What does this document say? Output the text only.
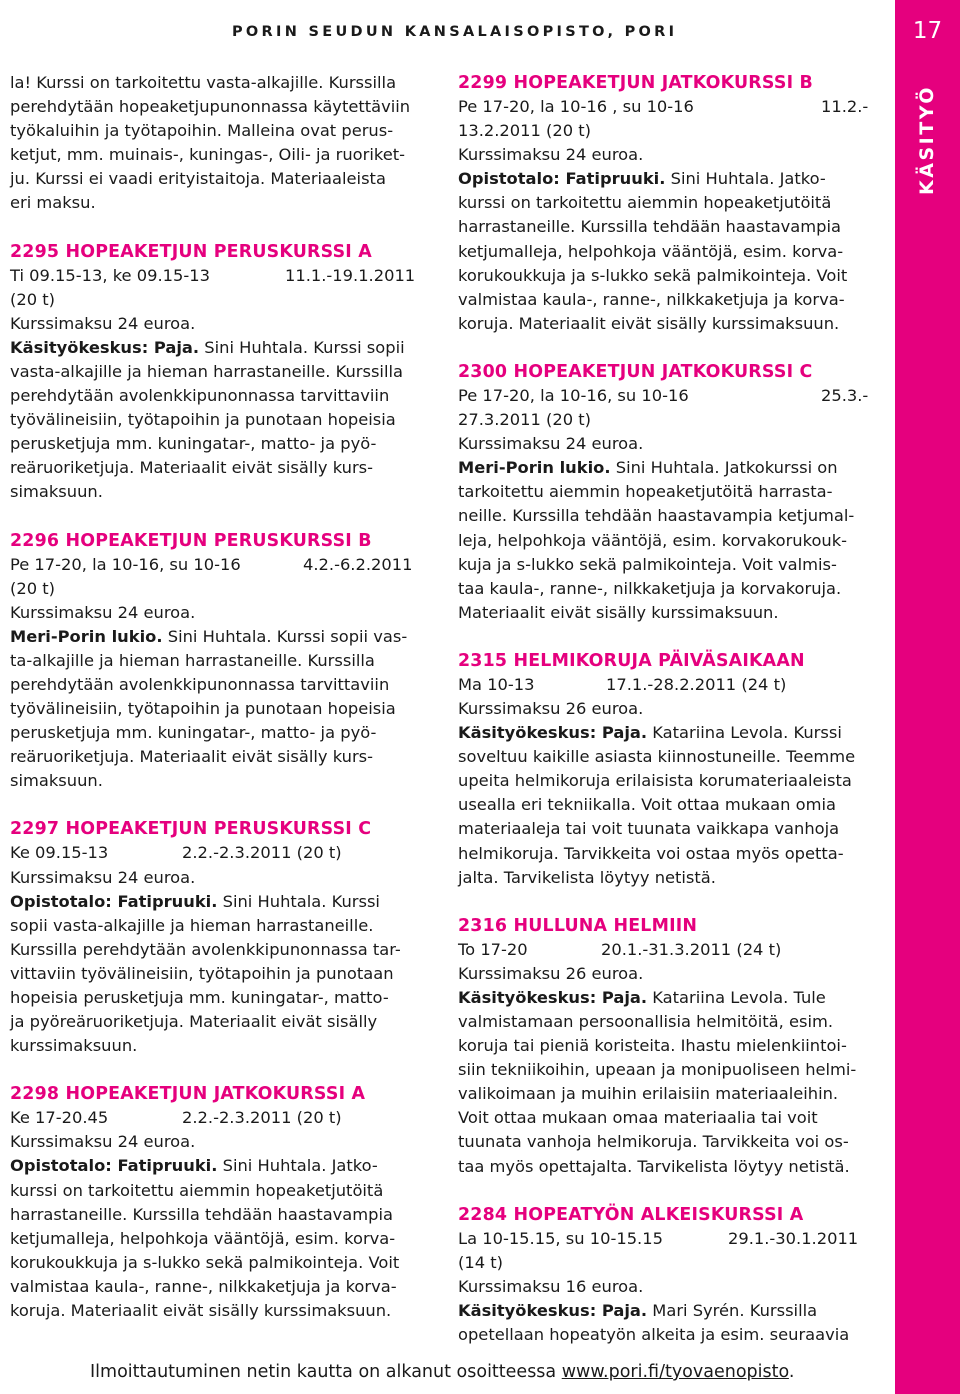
PORIN SEUDUN KANSALAISOPISTO, PORI	17
KÄSITYÖ

la! Kurssi on tarkoitettu vasta-alkajille. Kurssilla

perehdytään hopeaketjupunonnassa käytettäviin

työkaluihin ja työtapoihin. Malleina ovat perus-

ketjut, mm. muinais-, kuningas-, Oili- ja ruoriket-

ju. Kurssi ei vaadi erityistaitoja. Materiaaleista

eri maksu.

2295 HOPEAKETJUN PERUSKURSSI A

Ti 09.15-13, ke 09.15-13	11.1.-19.1.2011

(20 t)

Kurssimaksu 24 euroa.

Käsityökeskus: Paja. Sini Huhtala. Kurssi sopii

vasta-alkajille ja hieman harrastaneille. Kurssilla

perehdytään avolenkkipunonnassa tarvittaviin

työvälineisiin, työtapoihin ja punotaan hopeisia

perusketjuja mm. kuningatar-, matto- ja pyö-

reäruoriketjuja. Materiaalit eivät sisälly kurs-

simaksuun.

2296 HOPEAKETJUN PERUSKURSSI B

Pe 17-20, la 10-16, su 10-16	4.2.-6.2.2011

(20 t)

Kurssimaksu 24 euroa.

Meri-Porin lukio. Sini Huhtala. Kurssi sopii vas-

ta-alkajille ja hieman harrastaneille. Kurssilla

perehdytään avolenkkipunonnassa tarvittaviin

työvälineisiin, työtapoihin ja punotaan hopeisia

perusketjuja mm. kuningatar-, matto- ja pyö-

reäruoriketjuja. Materiaalit eivät sisälly kurs-

simaksuun.

2297 HOPEAKETJUN PERUSKURSSI C

Ke 09.15-13	2.2.-2.3.2011 (20 t)

Kurssimaksu 24 euroa.

Opistotalo: Fatipruuki. Sini Huhtala. Kurssi

sopii vasta-alkajille ja hieman harrastaneille.

Kurssilla perehdytään avolenkkipunonnassa tar-

vittaviin työvälineisiin, työtapoihin ja punotaan

hopeisia perusketjuja mm. kuningatar-, matto-

ja pyöreäruoriketjuja. Materiaalit eivät sisälly

kurssimaksuun.

2298 HOPEAKETJUN JATKOKURSSI A

Ke 17-20.45	2.2.-2.3.2011 (20 t)

Kurssimaksu 24 euroa.

Opistotalo: Fatipruuki. Sini Huhtala. Jatko-

kurssi on tarkoitettu aiemmin hopeaketjutöitä

harrastaneille. Kurssilla tehdään haastavampia

ketjumalleja, helpohkoja vääntöjä, esim. korva-

korukoukkuja ja s-lukko sekä palmikointeja. Voit

valmistaa kaula-, ranne-, nilkkaketjuja ja korva-

koruja. Materiaalit eivät sisälly kurssimaksuun.

2299 HOPEAKETJUN JATKOKURSSI B

Pe 17-20, la 10-16 , su 10-16	11.2.-

13.2.2011 (20 t)

Kurssimaksu 24 euroa.

Opistotalo: Fatipruuki. Sini Huhtala. Jatko-

kurssi on tarkoitettu aiemmin hopeaketjutöitä

harrastaneille. Kurssilla tehdään haastavampia

ketjumalleja, helpohkoja vääntöjä, esim. korva-

korukoukkuja ja s-lukko sekä palmikointeja. Voit

valmistaa kaula-, ranne-, nilkkaketjuja ja korva-

koruja. Materiaalit eivät sisälly kurssimaksuun.

2300 HOPEAKETJUN JATKOKURSSI C

Pe 17-20, la 10-16, su 10-16	25.3.-

27.3.2011 (20 t)

Kurssimaksu 24 euroa.

Meri-Porin lukio. Sini Huhtala. Jatkokurssi on

tarkoitettu aiemmin hopeaketjutöitä harrasta-

neille. Kurssilla tehdään haastavampia ketjumal-

leja, helpohkoja vääntöjä, esim. korvakorukouk-

kuja ja s-lukko sekä palmikointeja. Voit valmis-

taa kaula-, ranne-, nilkkaketjuja ja korvakoruja.

Materiaalit eivät sisälly kurssimaksuun.

2315 HELMIKORUJA PÄIVÄSAIKAAN

Ma 10-13	17.1.-28.2.2011 (24 t)

Kurssimaksu 26 euroa.

Käsityökeskus: Paja. Katariina Levola. Kurssi

soveltuu kaikille asiasta kiinnostuneille. Teemme

upeita helmikoruja erilaisista korumateriaaleista

usealla eri tekniikalla. Voit ottaa mukaan omia

materiaaleja tai voit tuunata vaikkapa vanhoja

helmikoruja. Tarvikkeita voi ostaa myös opetta-

jalta. Tarvikelista löytyy netistä.

2316 HULLUNA HELMIIN

To 17-20	20.1.-31.3.2011 (24 t)

Kurssimaksu 26 euroa.

Käsityökeskus: Paja. Katariina Levola. Tule

valmistamaan persoonallisia helmitöitä, esim.

koruja tai pieniä koristeita. Ihastu mielenkiintoi-

siin tekniikoihin, upeaan ja monipuoliseen helmi-

valikoimaan ja muihin erilaisiin materiaaleihin.

Voit ottaa mukaan omaa materiaalia tai voit

tuunata vanhoja helmikoruja. Tarvikkeita voi os-

taa myös opettajalta. Tarvikelista löytyy netistä.

2284 HOPEATYÖN ALKEISKURSSI A

La 10-15.15, su 10-15.15	29.1.-30.1.2011

(14 t)

Kurssimaksu 16 euroa.

Käsityökeskus: Paja. Mari Syrén. Kurssilla

opetellaan hopeatyön alkeita ja esim. seuraavia

Ilmoittautuminen netin kautta on alkanut osoitteessa www.pori.fi/tyovaenopisto.
